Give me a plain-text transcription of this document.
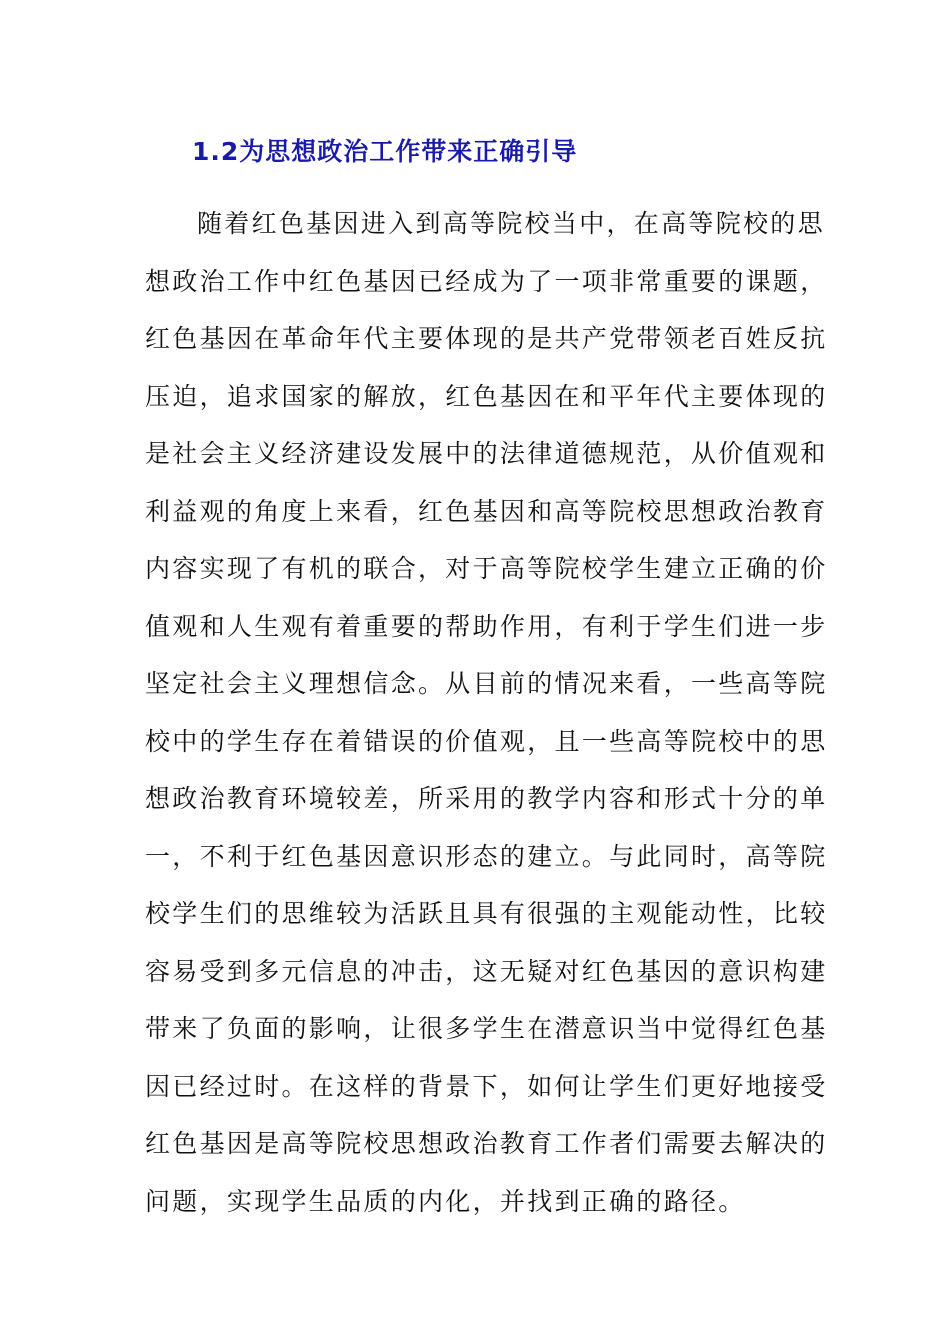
1.2为思想政治工作带来正确引导
随着红色基因进入到高等院校当中，在高等院校的思
想政治工作中红色基因已经成为了一项非常重要的课题，
红色基因在革命年代主要体现的是共产党带领老百姓反抗
压迫，追求国家的解放，红色基因在和平年代主要体现的
是社会主义经济建设发展中的法律道德规范，从价值观和
利益观的角度上来看，红色基因和高等院校思想政治教育
内容实现了有机的联合，对于高等院校学生建立正确的价
值观和人生观有着重要的帮助作用，有利于学生们进一步
坚定社会主义理想信念。从目前的情况来看，一些高等院
校中的学生存在着错误的价值观，且一些高等院校中的思
想政治教育环境较差，所采用的教学内容和形式十分的单
一，不利于红色基因意识形态的建立。与此同时，高等院
校学生们的思维较为活跃且具有很强的主观能动性，比较
容易受到多元信息的冲击，这无疑对红色基因的意识构建
带来了负面的影响，让很多学生在潜意识当中觉得红色基
因已经过时。在这样的背景下，如何让学生们更好地接受
红色基因是高等院校思想政治教育工作者们需要去解决的
问题，实现学生品质的内化，并找到正确的路径。
